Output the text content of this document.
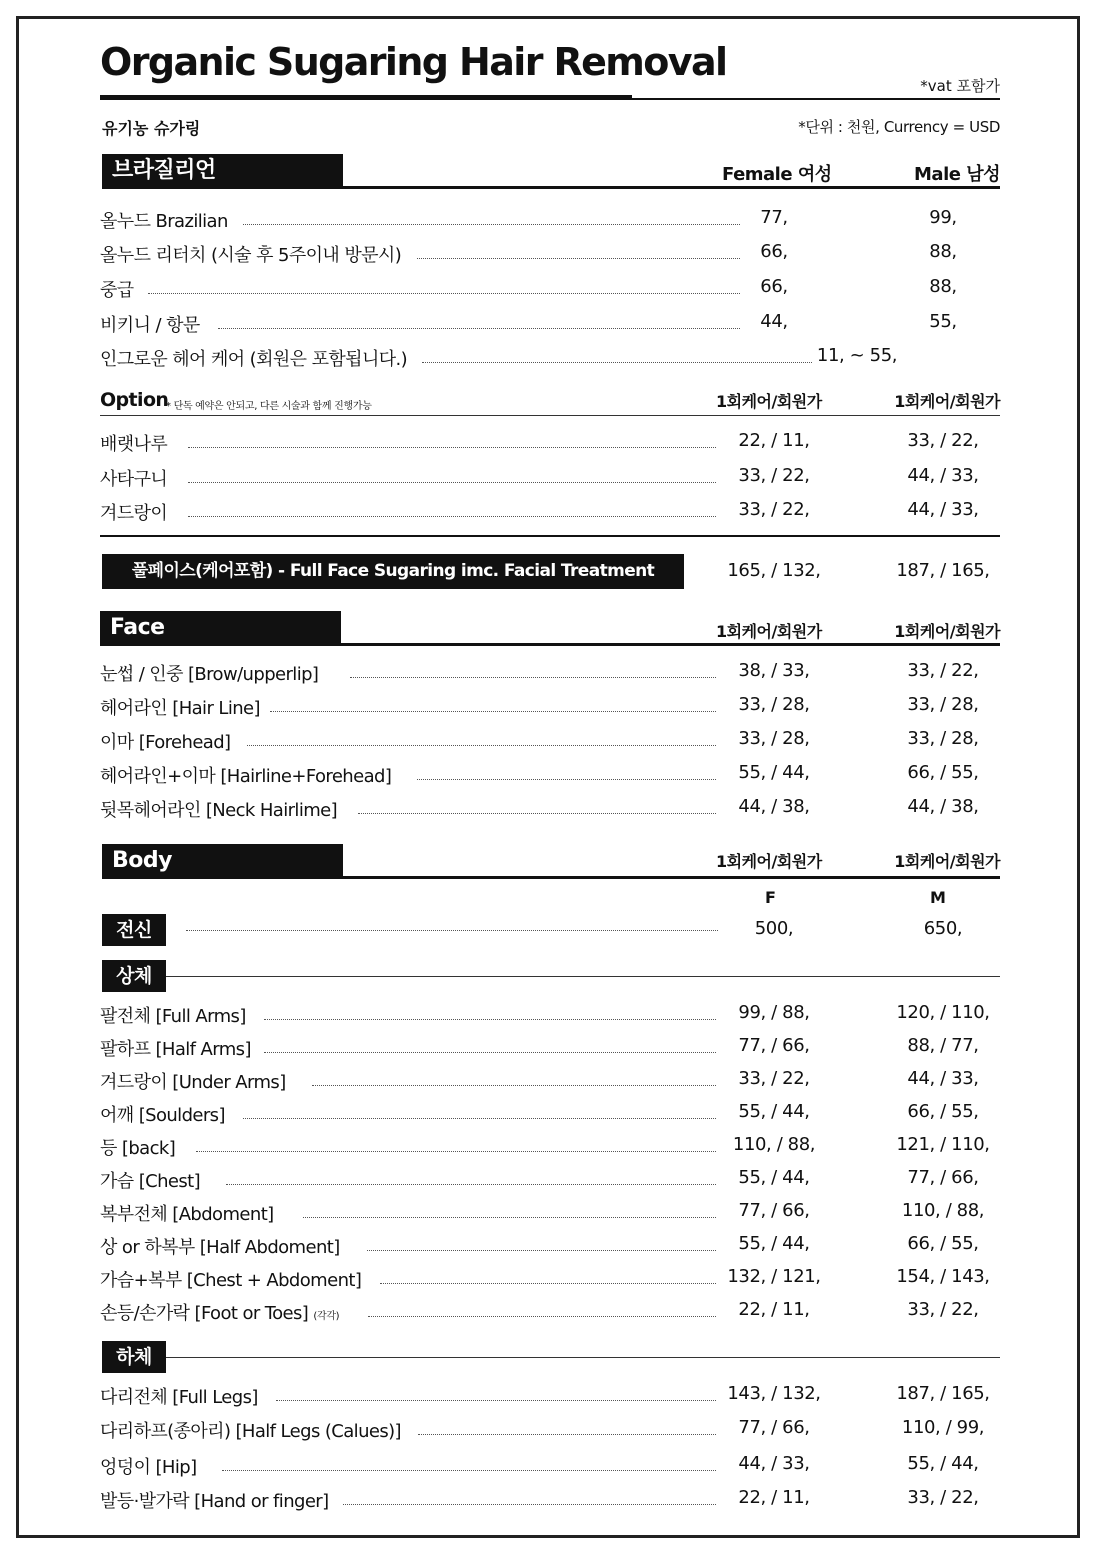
Organic Sugaring Hair Removal
*vat 포함가
유기농 슈가링	*단위 : 천원, Currency = USD
브라질리언	Female 여성	Male 남성
올누드 Brazilian	77,	99,
올누드 리터치 (시술 후 5주이내 방문시)	66,	88,
중급	66,	88,
비키니 / 항문	44,	55,
인그로운 헤어 케어 (회원은 포함됩니다.)	11, ~ 55,
Option
* 단독 예약은 안되고, 다른 시술과 함께 진행가능	1회케어/회원가	1회케어/회원가
배랫나루	22, / 11,	33, / 22,
사타구니	33, / 22,	44, / 33,
겨드랑이	33, / 22,	44, / 33,
풀페이스(케어포함) - Full Face Sugaring imc. Facial Treatment	165, / 132,	187, / 165,
Face	1회케어/회원가	1회케어/회원가
눈썹 / 인중 [Brow/upperlip]	38, / 33,	33, / 22,
헤어라인 [Hair Line]	33, / 28,	33, / 28,
이마 [Forehead]	33, / 28,	33, / 28,
헤어라인+이마 [Hairline+Forehead]	55, / 44,	66, / 55,
뒷목헤어라인 [Neck Hairlime]	44, / 38,	44, / 38,
Body	1회케어/회원가	1회케어/회원가
F	M
전신	500,	650,
상체
팔전체 [Full Arms]	99, / 88,	120, / 110,
팔하프 [Half Arms]	77, / 66,	88, / 77,
겨드랑이 [Under Arms]	33, / 22,	44, / 33,
어깨 [Soulders]	55, / 44,	66, / 55,
등 [back]	110, / 88,	121, / 110,
가슴 [Chest]	55, / 44,	77, / 66,
복부전체 [Abdoment]	77, / 66,	110, / 88,
상 or 하복부 [Half Abdoment]	55, / 44,	66, / 55,
가슴+복부 [Chest + Abdoment]	132, / 121,	154, / 143,
손등/손가락 [Foot or Toes] (각각)	22, / 11,	33, / 22,
하체
다리전체 [Full Legs]	143, / 132,	187, / 165,
다리하프(종아리) [Half Legs (Calues)]	77, / 66,	110, / 99,
엉덩이 [Hip]	44, / 33,	55, / 44,
발등·발가락 [Hand or finger]	22, / 11,	33, / 22,
